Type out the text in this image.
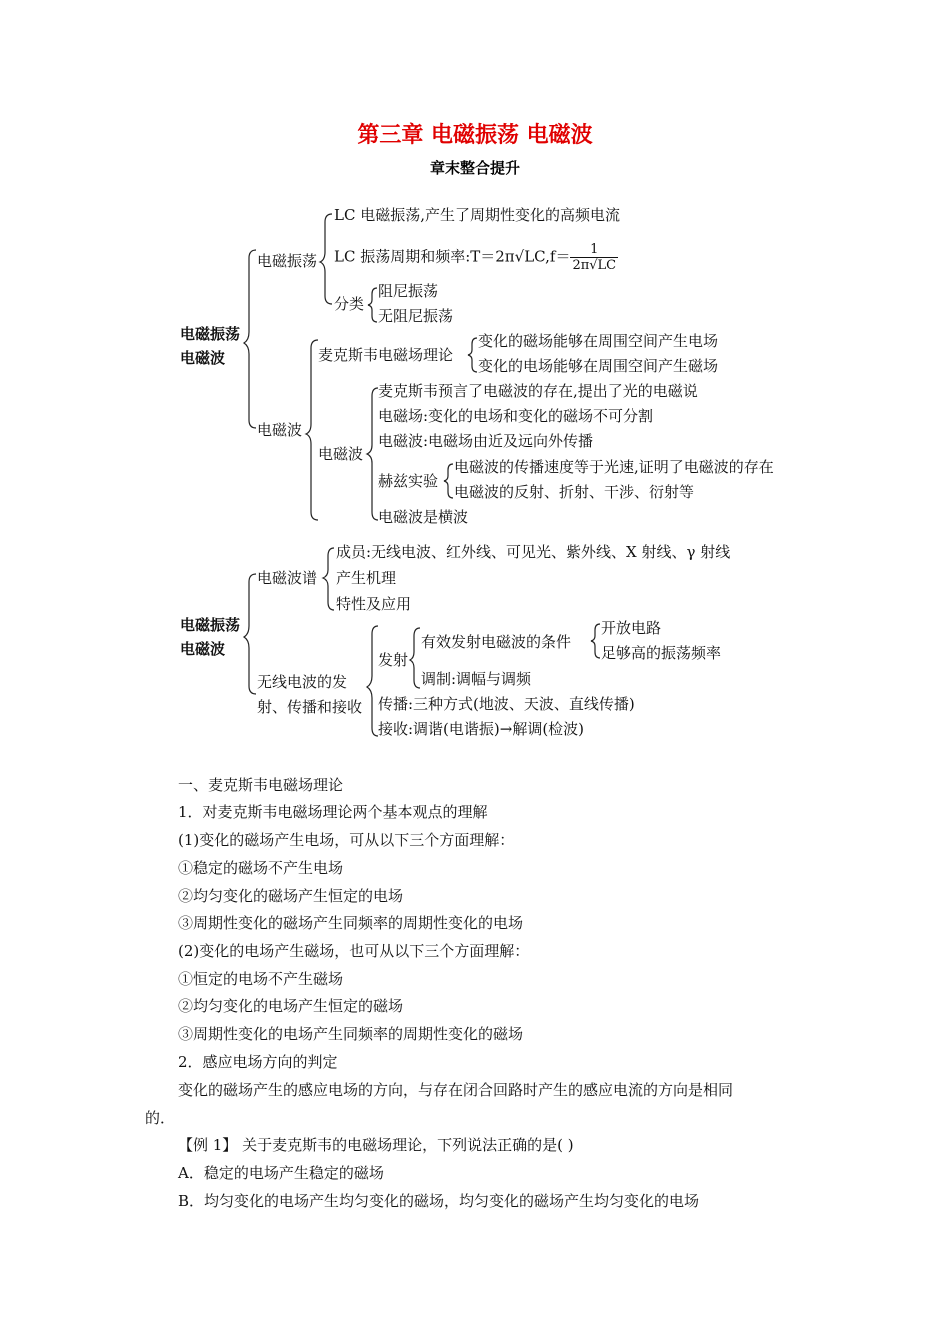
第三章 电磁振荡 电磁波
章末整合提升
电磁振荡
电磁波
电磁振荡
LC 电磁振荡,产生了周期性变化的高频电流
LC 振荡周期和频率:T＝2π√LC,f＝ $\frac{1}{2\pi√LC}$
分类
阻尼振荡
无阻尼振荡
电磁波
麦克斯韦电磁场理论
变化的磁场能够在周围空间产生电场
变化的电场能够在周围空间产生磁场
电磁波
麦克斯韦预言了电磁波的存在,提出了光的电磁说
电磁场:变化的电场和变化的磁场不可分割
电磁波:电磁场由近及远向外传播
赫兹实验
电磁波的传播速度等于光速,证明了电磁波的存在
电磁波的反射、折射、干涉、衍射等
电磁波是横波
电磁振荡
电磁波
电磁波谱
成员:无线电波、红外线、可见光、紫外线、X 射线、γ 射线
产生机理
特性及应用
无线电波的发
射、传播和接收
发射
有效发射电磁波的条件
调制:调幅与调频
开放电路
足够高的振荡频率
传播:三种方式(地波、天波、直线传播)
接收:调谐(电谐振)→解调(检波)
一、麦克斯韦电磁场理论
1．对麦克斯韦电磁场理论两个基本观点的理解
(1)变化的磁场产生电场，可从以下三个方面理解：
①稳定的磁场不产生电场
②均匀变化的磁场产生恒定的电场
③周期性变化的磁场产生同频率的周期性变化的电场
(2)变化的电场产生磁场，也可从以下三个方面理解：
①恒定的电场不产生磁场
②均匀变化的电场产生恒定的磁场
③周期性变化的电场产生同频率的周期性变化的磁场
2．感应电场方向的判定
变化的磁场产生的感应电场的方向，与存在闭合回路时产生的感应电流的方向是相同
的．
【例 1】 关于麦克斯韦的电磁场理论，下列说法正确的是( )
A．稳定的电场产生稳定的磁场
B．均匀变化的电场产生均匀变化的磁场，均匀变化的磁场产生均匀变化的电场
